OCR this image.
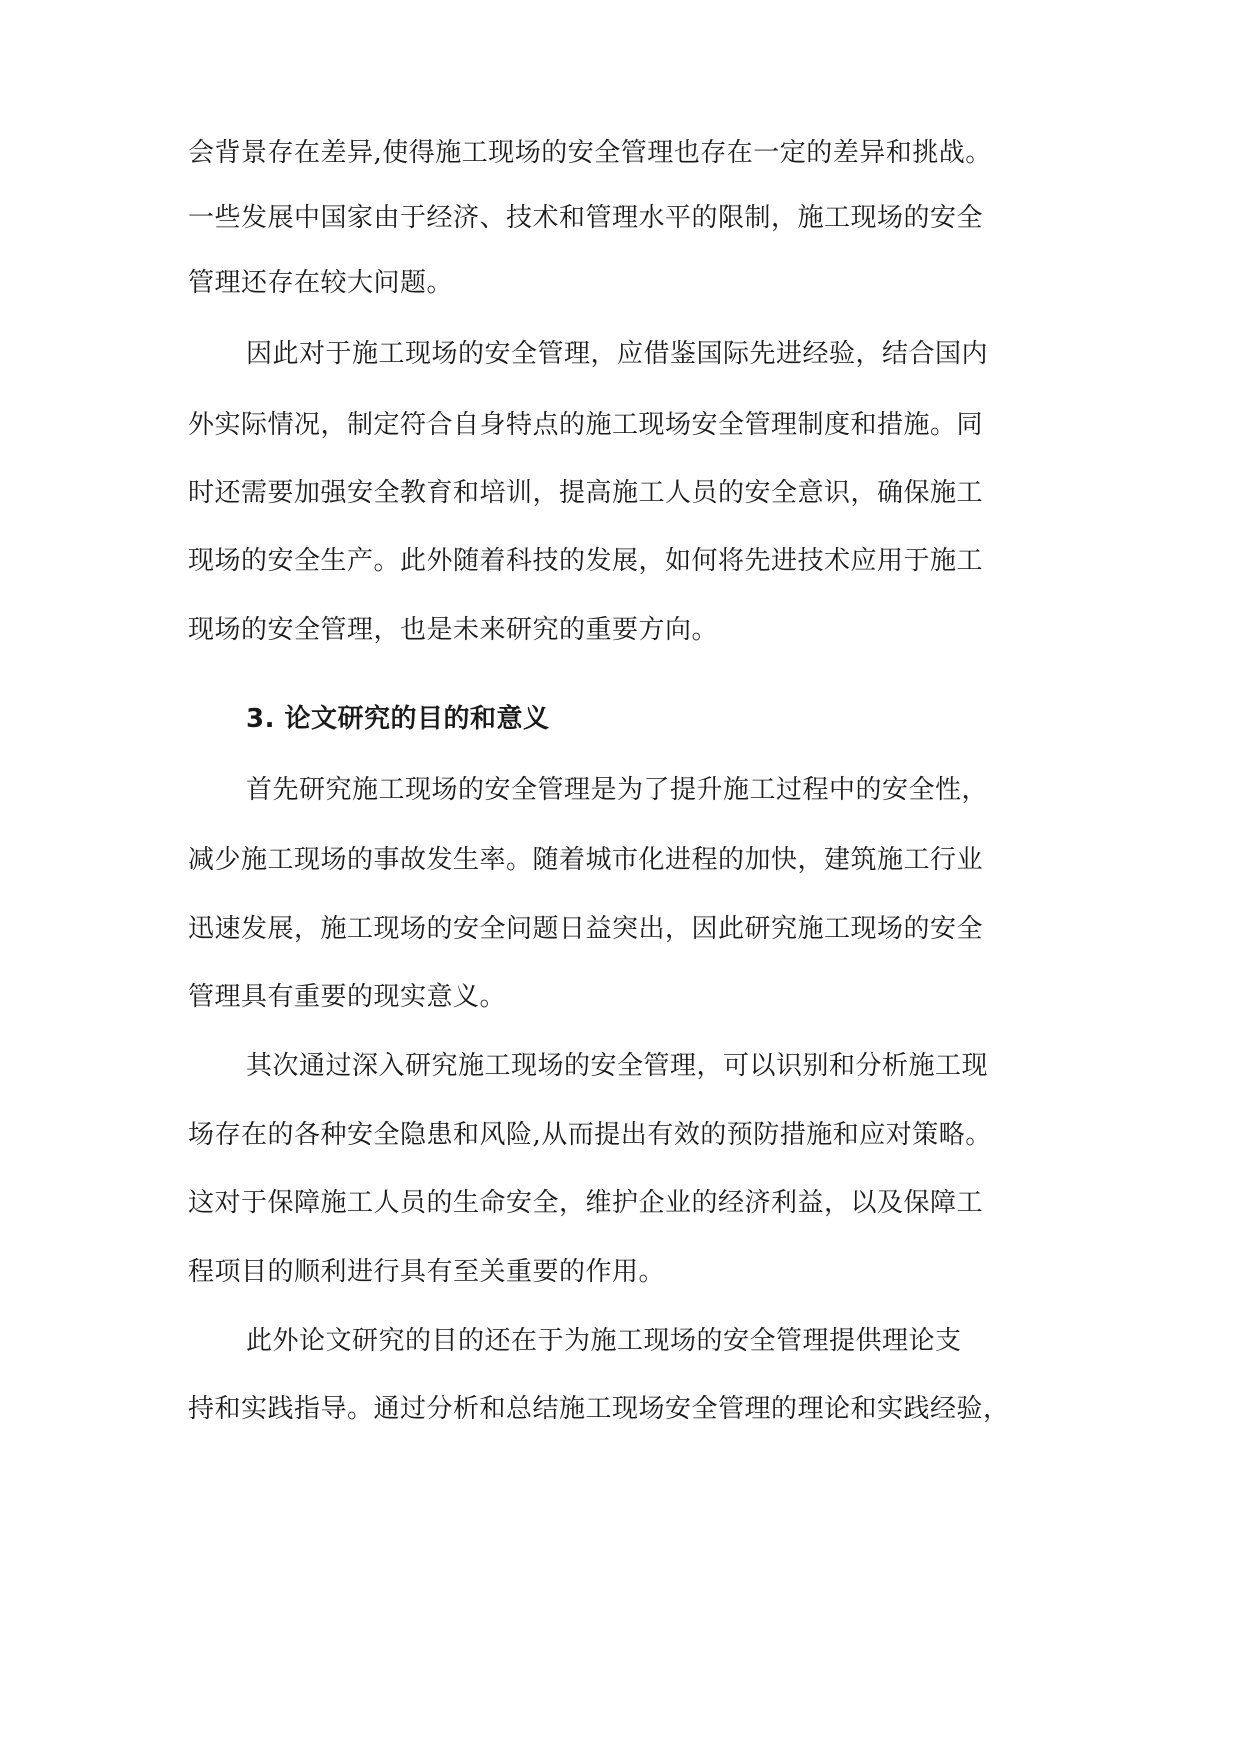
会背景存在差异,使得施工现场的安全管理也存在一定的差异和挑战。
一些发展中国家由于经济、技术和管理水平的限制，施工现场的安全
管理还存在较大问题。
因此对于施工现场的安全管理，应借鉴国际先进经验，结合国内
外实际情况，制定符合自身特点的施工现场安全管理制度和措施。同
时还需要加强安全教育和培训，提高施工人员的安全意识，确保施工
现场的安全生产。此外随着科技的发展，如何将先进技术应用于施工
现场的安全管理，也是未来研究的重要方向。
3. 论文研究的目的和意义
首先研究施工现场的安全管理是为了提升施工过程中的安全性，
减少施工现场的事故发生率。随着城市化进程的加快，建筑施工行业
迅速发展，施工现场的安全问题日益突出，因此研究施工现场的安全
管理具有重要的现实意义。
其次通过深入研究施工现场的安全管理，可以识别和分析施工现
场存在的各种安全隐患和风险,从而提出有效的预防措施和应对策略。
这对于保障施工人员的生命安全，维护企业的经济利益，以及保障工
程项目的顺利进行具有至关重要的作用。
此外论文研究的目的还在于为施工现场的安全管理提供理论支
持和实践指导。通过分析和总结施工现场安全管理的理论和实践经验，
